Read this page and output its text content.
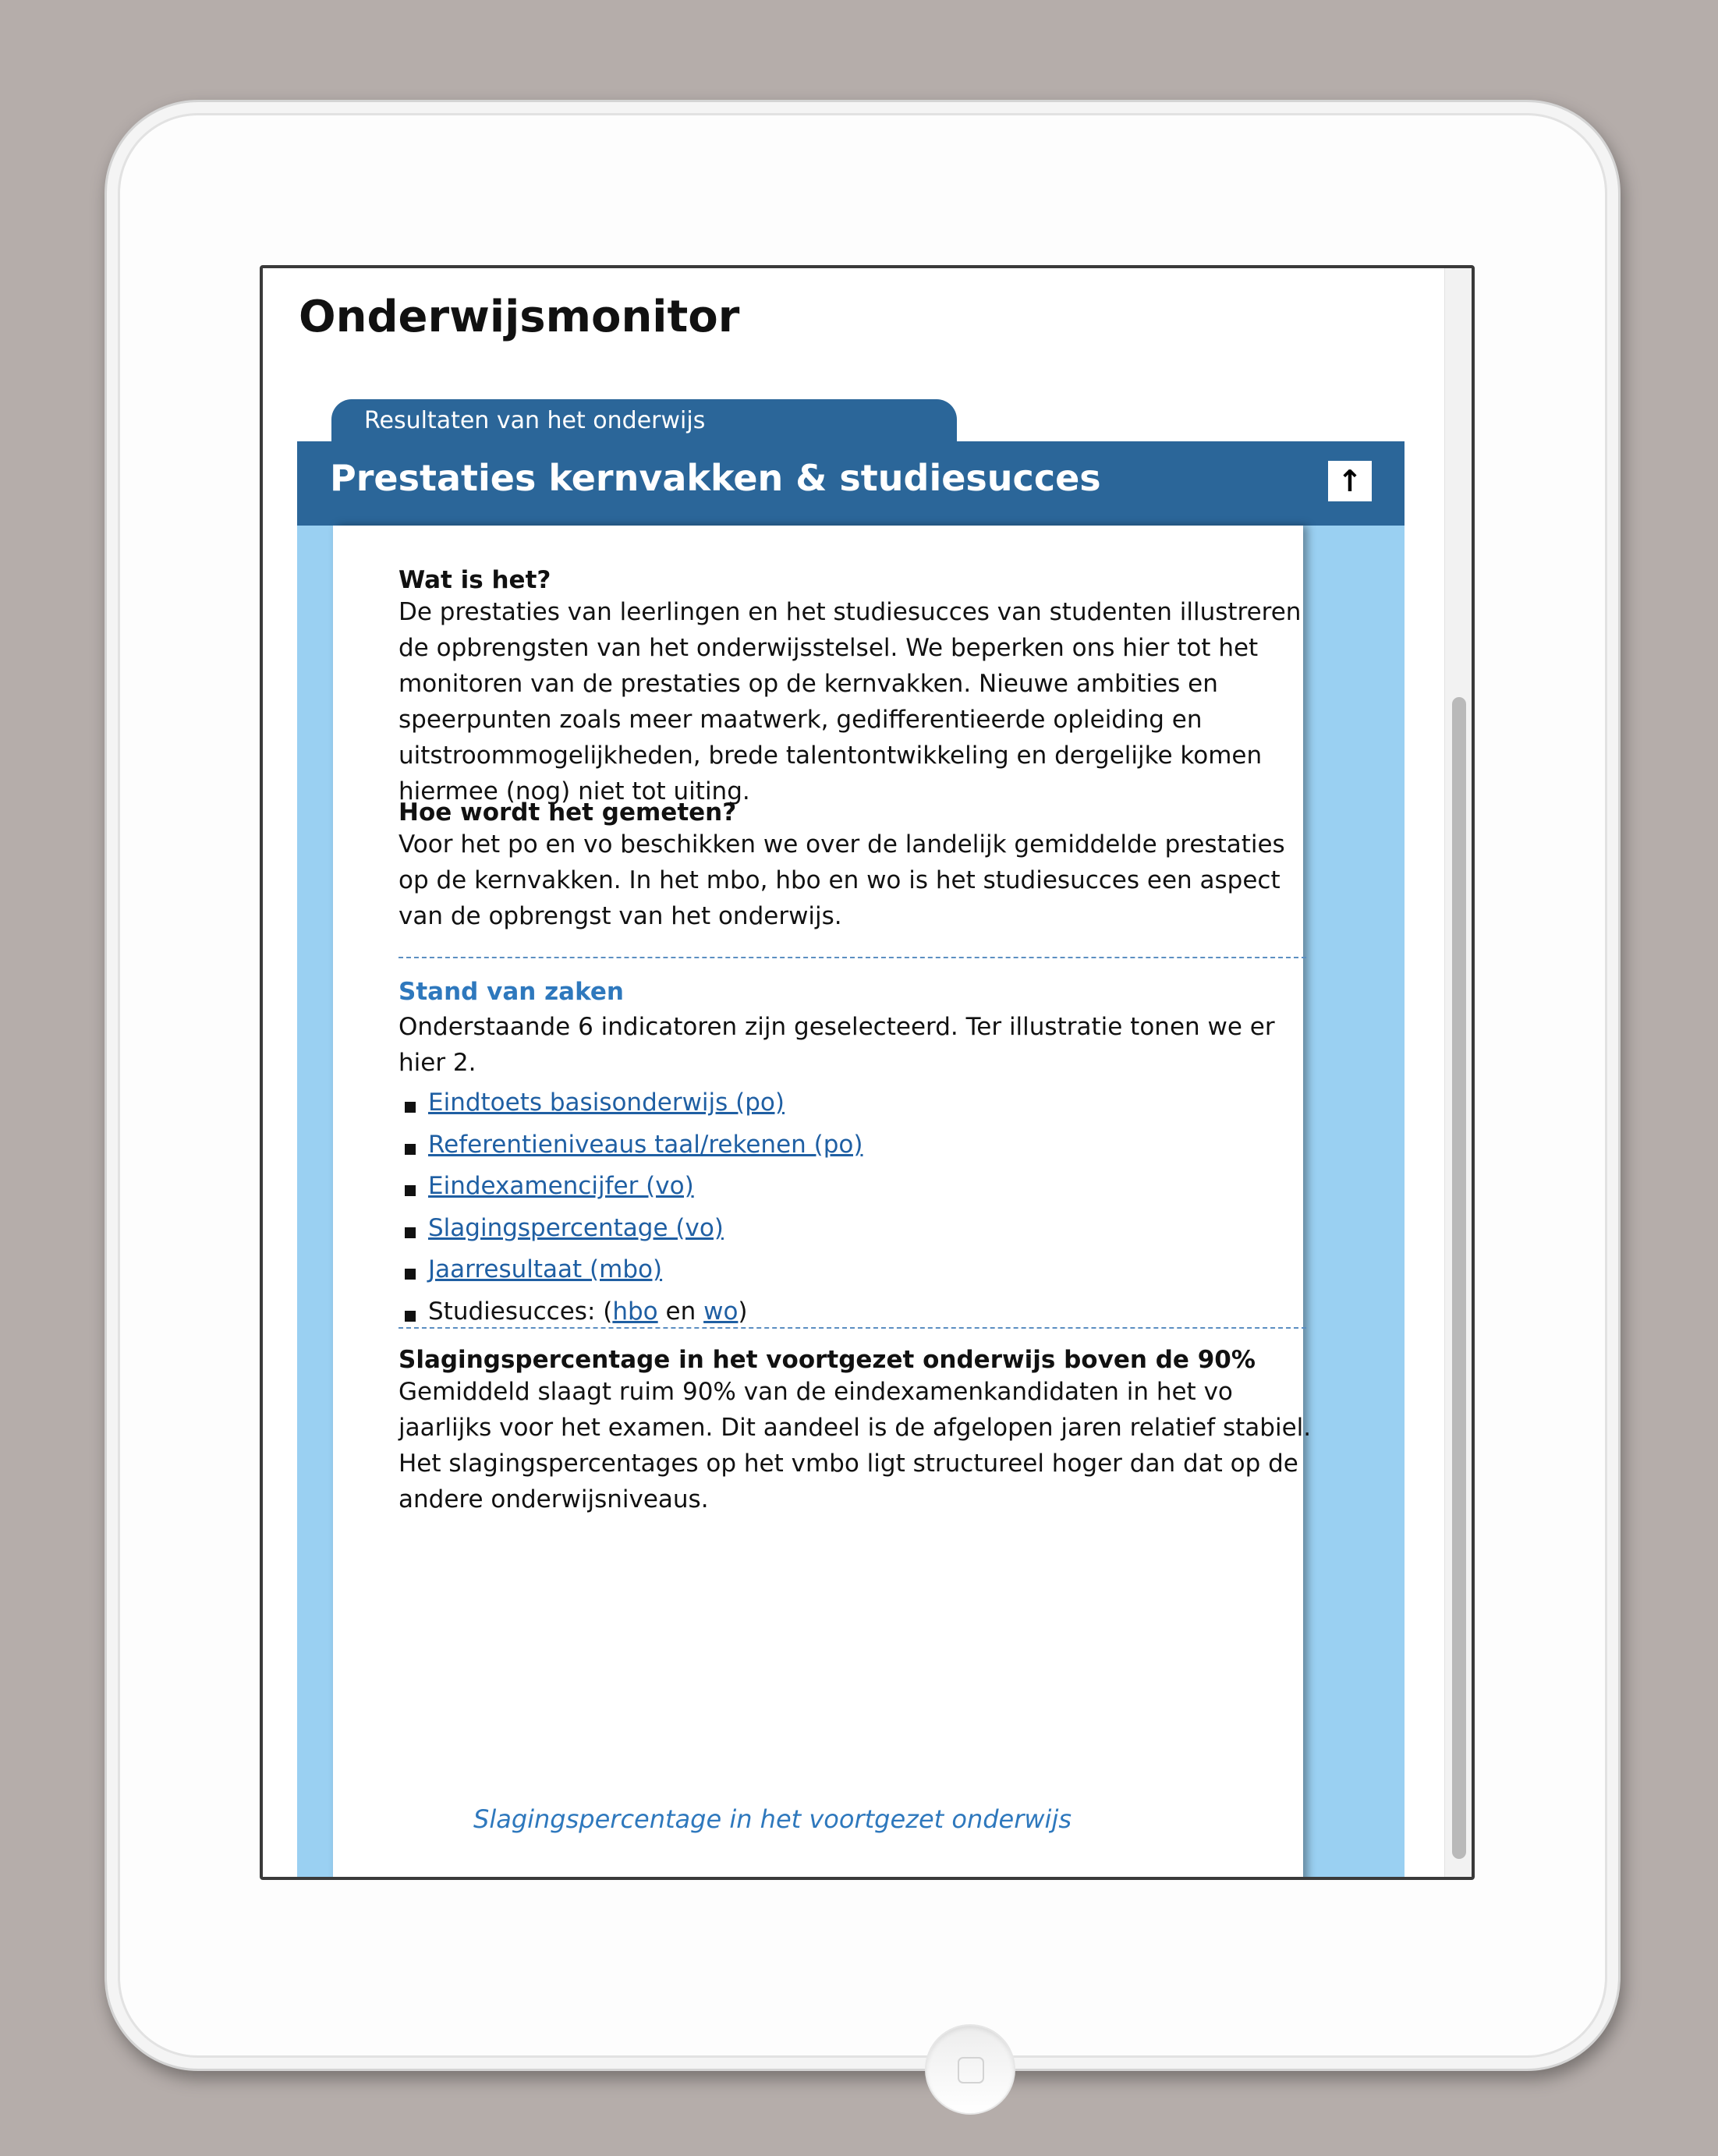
Onderwijsmonitor
Resultaten van het onderwijs
Prestaties kernvakken & studiesucces	↑
Wat is het?
De prestaties van leerlingen en het studiesucces van studenten illustreren de opbrengsten van het onderwijsstelsel. We beperken ons hier tot het monitoren van de prestaties op de kernvakken. Nieuwe ambities en speerpunten zoals meer maatwerk, gedifferentieerde opleiding en uitstroommogelijkheden, brede talentontwikkeling en dergelijke komen hiermee (nog) niet tot uiting.
Hoe wordt het gemeten?
Voor het po en vo beschikken we over de landelijk gemiddelde prestaties op de kernvakken. In het mbo, hbo en wo is het studiesucces een aspect van de opbrengst van het onderwijs.
Stand van zaken
Onderstaande 6 indicatoren zijn geselecteerd. Ter illustratie tonen we er hier 2.
Eindtoets basisonderwijs (po)
Referentieniveaus taal/rekenen (po)
Eindexamencijfer (vo)
Slagingspercentage (vo)
Jaarresultaat (mbo)
Studiesucces: (hbo en wo)
Slagingspercentage in het voortgezet onderwijs boven de 90%
Gemiddeld slaagt ruim 90% van de eindexamenkandidaten in het vo jaarlijks voor het examen. Dit aandeel is de afgelopen jaren relatief stabiel. Het slagingspercentages op het vmbo ligt structureel hoger dan dat op de andere onderwijsniveaus.
Slagingspercentage in het voortgezet onderwijs
88%	havo
